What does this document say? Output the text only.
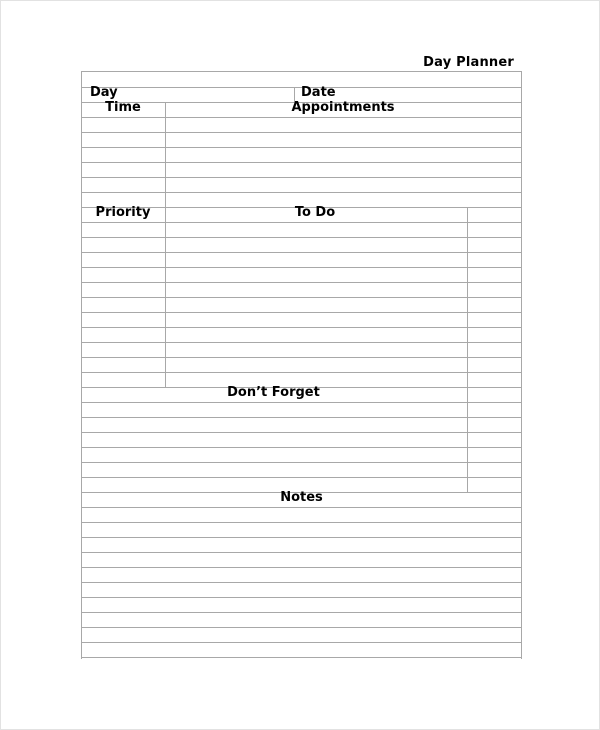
Day Planner
Day	Date
Time	Appointments
Priority	To Do
Don’t Forget
Notes
